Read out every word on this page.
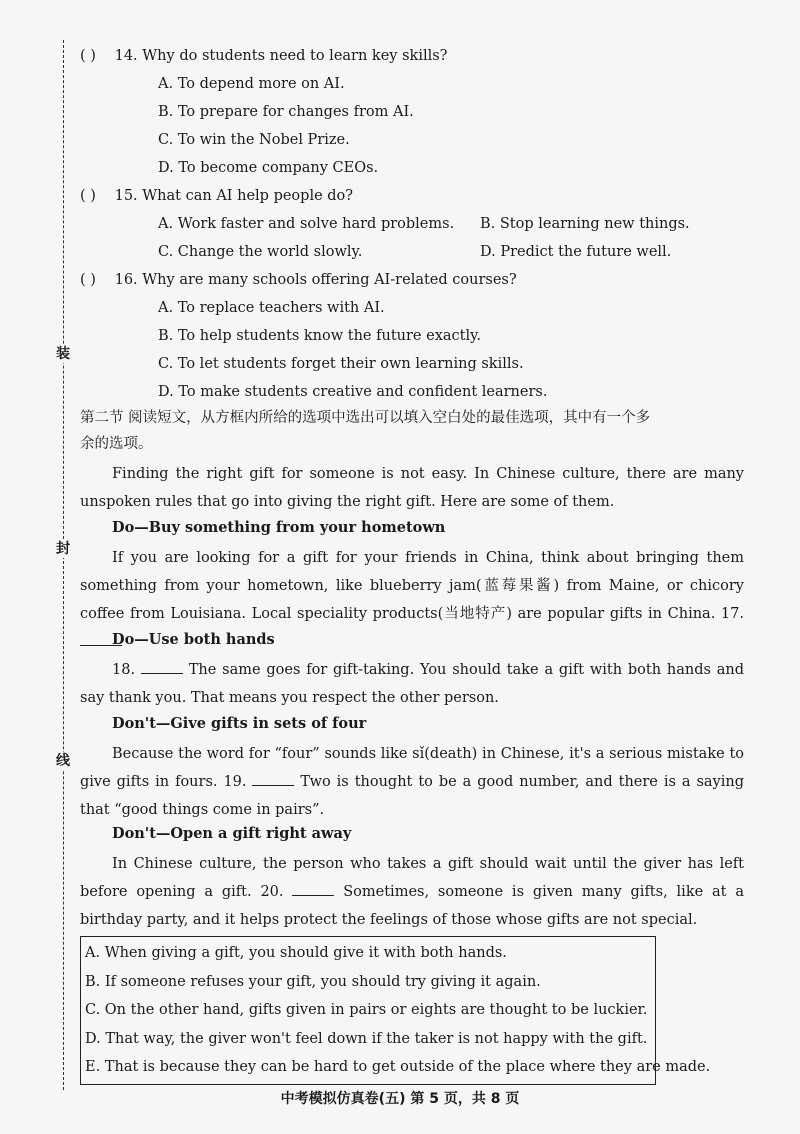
装
封
线
( ) 14. Why do students need to learn key skills?
A. To depend more on AI.
B. To prepare for changes from AI.
C. To win the Nobel Prize.
D. To become company CEOs.
( ) 15. What can AI help people do?
A. Work faster and solve hard problems. B. Stop learning new things.
C. Change the world slowly.	D. Predict the future well.
( ) 16. Why are many schools offering AI-related courses?
A. To replace teachers with AI.
B. To help students know the future exactly.
C. To let students forget their own learning skills.
D. To make students creative and confident learners.
第二节 阅读短文，从方框内所给的选项中选出可以填入空白处的最佳选项，其中有一个多
余的选项。
Finding the right gift for someone is not easy. In Chinese culture, there are many unspoken rules that go into giving the right gift. Here are some of them.
Do—Buy something from your hometown
If you are looking for a gift for your friends in China, think about bringing them something from your hometown, like blueberry jam(蓝莓果酱) from Maine, or chicory coffee from Louisiana. Local speciality products(当地特产) are popular gifts in China. 17.
Do—Use both hands
18.	The same goes for gift-taking. You should take a gift with both hands and say thank you. That means you respect the other person.
Don't—Give gifts in sets of four
Because the word for “four” sounds like sǐ(death) in Chinese, it's a serious mistake to give gifts in fours. 19.	Two is thought to be a good number, and there is a saying that “good things come in pairs”.
Don't—Open a gift right away
In Chinese culture, the person who takes a gift should wait until the giver has left before opening a gift. 20.	Sometimes, someone is given many gifts, like at a birthday party, and it helps protect the feelings of those whose gifts are not special.
A. When giving a gift, you should give it with both hands.
B. If someone refuses your gift, you should try giving it again.
C. On the other hand, gifts given in pairs or eights are thought to be luckier.
D. That way, the giver won't feel down if the taker is not happy with the gift.
E. That is because they can be hard to get outside of the place where they are made.
中考模拟仿真卷(五) 第 5 页，共 8 页
